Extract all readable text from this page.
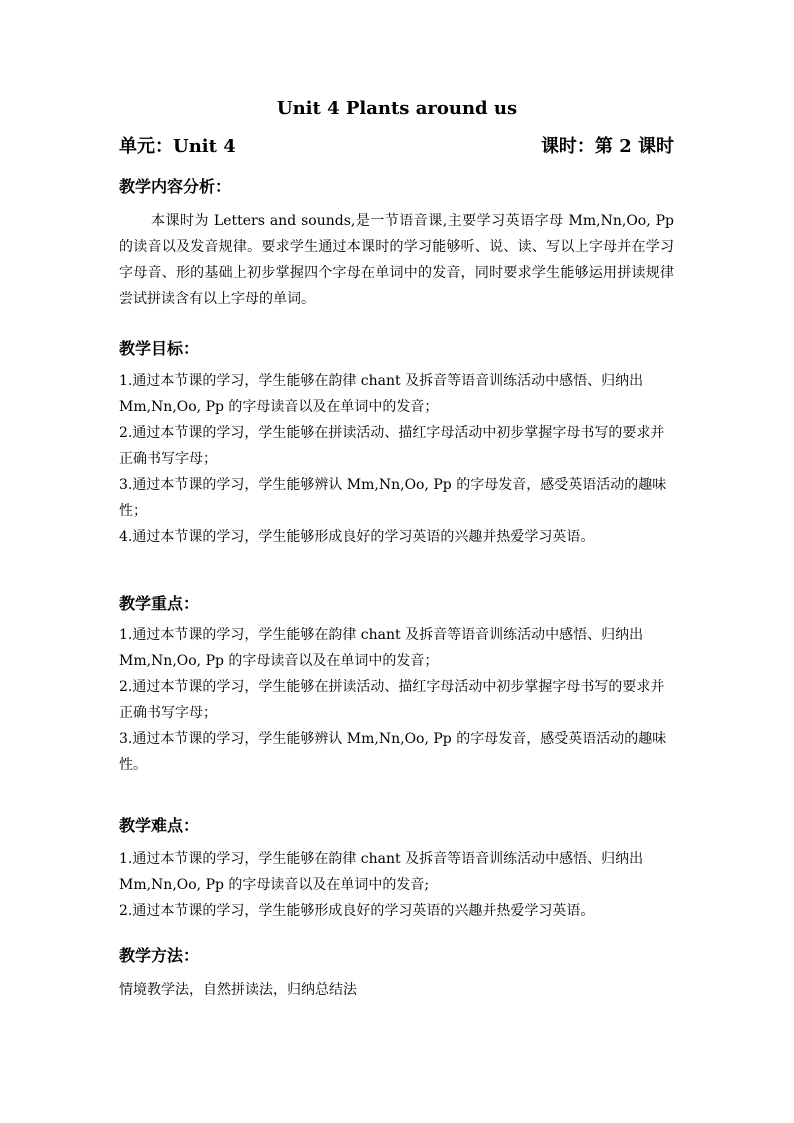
Unit 4 Plants around us
单元：Unit 4	课时：第 2 课时
教学内容分析：
本课时为 Letters and sounds,是一节语音课,主要学习英语字母 Mm,Nn,Oo, Pp 的读音以及发音规律。要求学生通过本课时的学习能够听、说、读、写以上字母并在学习字母音、形的基础上初步掌握四个字母在单词中的发音，同时要求学生能够运用拼读规律尝试拼读含有以上字母的单词。
教学目标：

1.通过本节课的学习，学生能够在韵律 chant 及拆音等语音训练活动中感悟、归纳出 Mm,Nn,Oo, Pp 的字母读音以及在单词中的发音；

2.通过本节课的学习，学生能够在拼读活动、描红字母活动中初步掌握字母书写的要求并正确书写字母；

3.通过本节课的学习，学生能够辨认 Mm,Nn,Oo, Pp 的字母发音，感受英语活动的趣味性；

4.通过本节课的学习，学生能够形成良好的学习英语的兴趣并热爱学习英语。

教学重点：

1.通过本节课的学习，学生能够在韵律 chant 及拆音等语音训练活动中感悟、归纳出 Mm,Nn,Oo, Pp 的字母读音以及在单词中的发音；

2.通过本节课的学习，学生能够在拼读活动、描红字母活动中初步掌握字母书写的要求并正确书写字母；

3.通过本节课的学习，学生能够辨认 Mm,Nn,Oo, Pp 的字母发音，感受英语活动的趣味性。

教学难点：

1.通过本节课的学习，学生能够在韵律 chant 及拆音等语音训练活动中感悟、归纳出 Mm,Nn,Oo, Pp 的字母读音以及在单词中的发音;

2.通过本节课的学习，学生能够形成良好的学习英语的兴趣并热爱学习英语。

教学方法：
情境教学法，自然拼读法，归纳总结法
